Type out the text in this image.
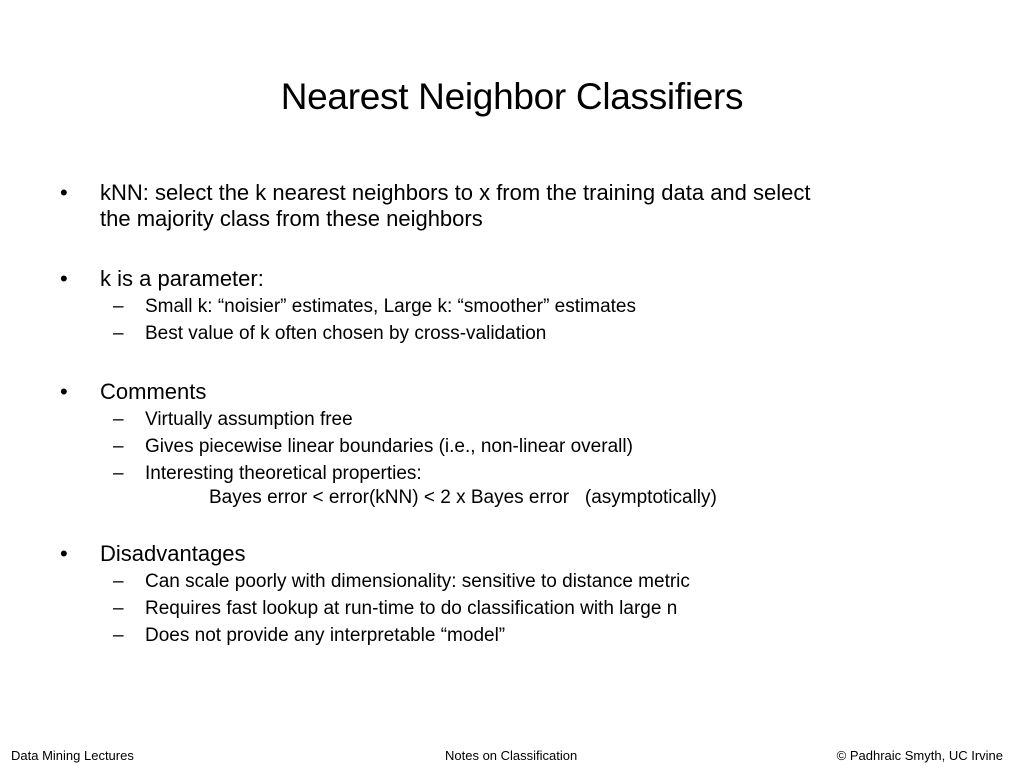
Nearest Neighbor Classifiers
• kNN: select the k nearest neighbors to x from the training data and select
the majority class from these neighbors
• k is a parameter:
– Small k: “noisier” estimates, Large k: “smoother” estimates
– Best value of k often chosen by cross-validation
• Comments
– Virtually assumption free
– Gives piecewise linear boundaries (i.e., non-linear overall)
– Interesting theoretical properties:
Bayes error < error(kNN) < 2 x Bayes error   (asymptotically)
• Disadvantages
– Can scale poorly with dimensionality: sensitive to distance metric
– Requires fast lookup at run-time to do classification with large n
– Does not provide any interpretable “model”
Data Mining Lectures	Notes on Classification	© Padhraic Smyth, UC Irvine
